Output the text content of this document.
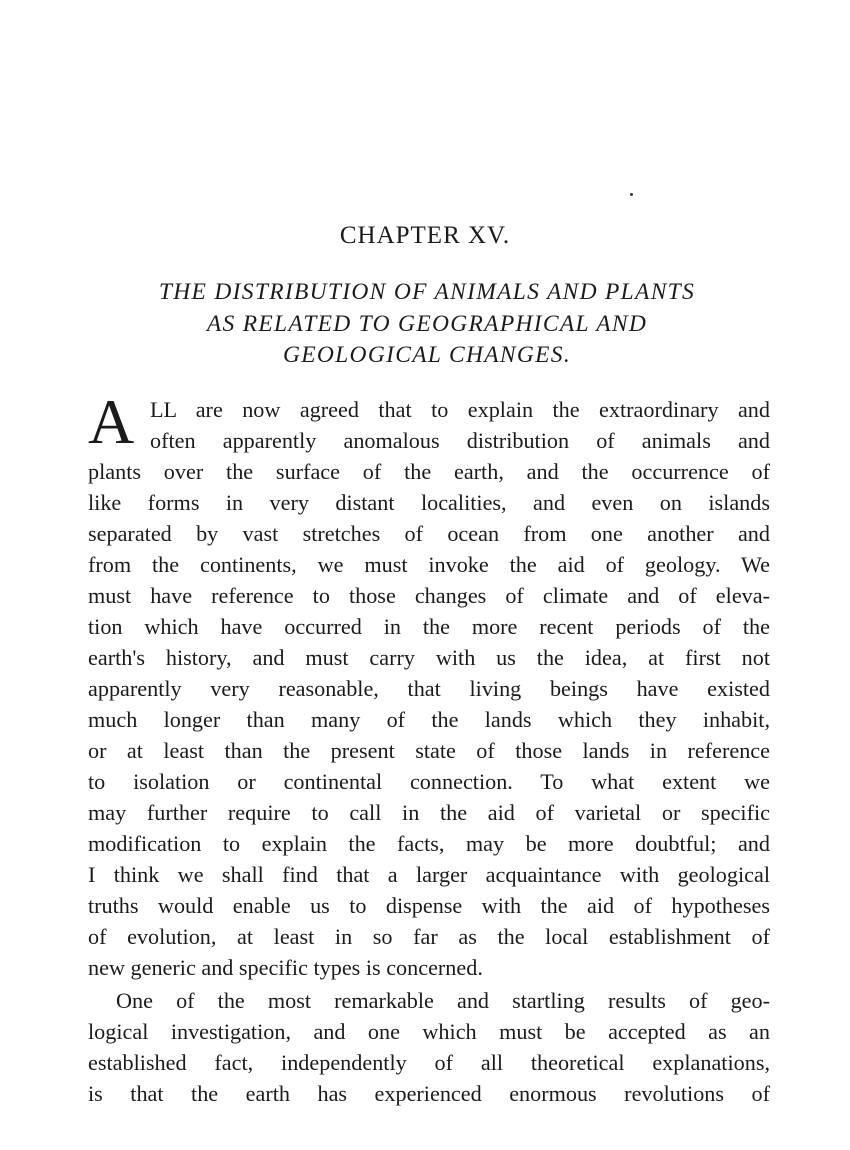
CHAPTER XV.
THE DISTRIBUTION OF ANIMALS AND PLANTS
AS RELATED TO GEOGRAPHICAL AND
GEOLOGICAL CHANGES.
A LL are now agreed that to explain the extraordinary and
often apparently anomalous distribution of animals and
plants over the surface of the earth, and the occurrence of
like forms in very distant localities, and even on islands
separated by vast stretches of ocean from one another and
from the continents, we must invoke the aid of geology. We
must have reference to those changes of climate and of eleva-
tion which have occurred in the more recent periods of the
earth's history, and must carry with us the idea, at first not
apparently very reasonable, that living beings have existed
much longer than many of the lands which they inhabit,
or at least than the present state of those lands in reference
to isolation or continental connection. To what extent we
may further require to call in the aid of varietal or specific
modification to explain the facts, may be more doubtful; and
I think we shall find that a larger acquaintance with geological
truths would enable us to dispense with the aid of hypotheses
of evolution, at least in so far as the local establishment of
new generic and specific types is concerned.
One of the most remarkable and startling results of geo-
logical investigation, and one which must be accepted as an
established fact, independently of all theoretical explanations,
is that the earth has experienced enormous revolutions of
